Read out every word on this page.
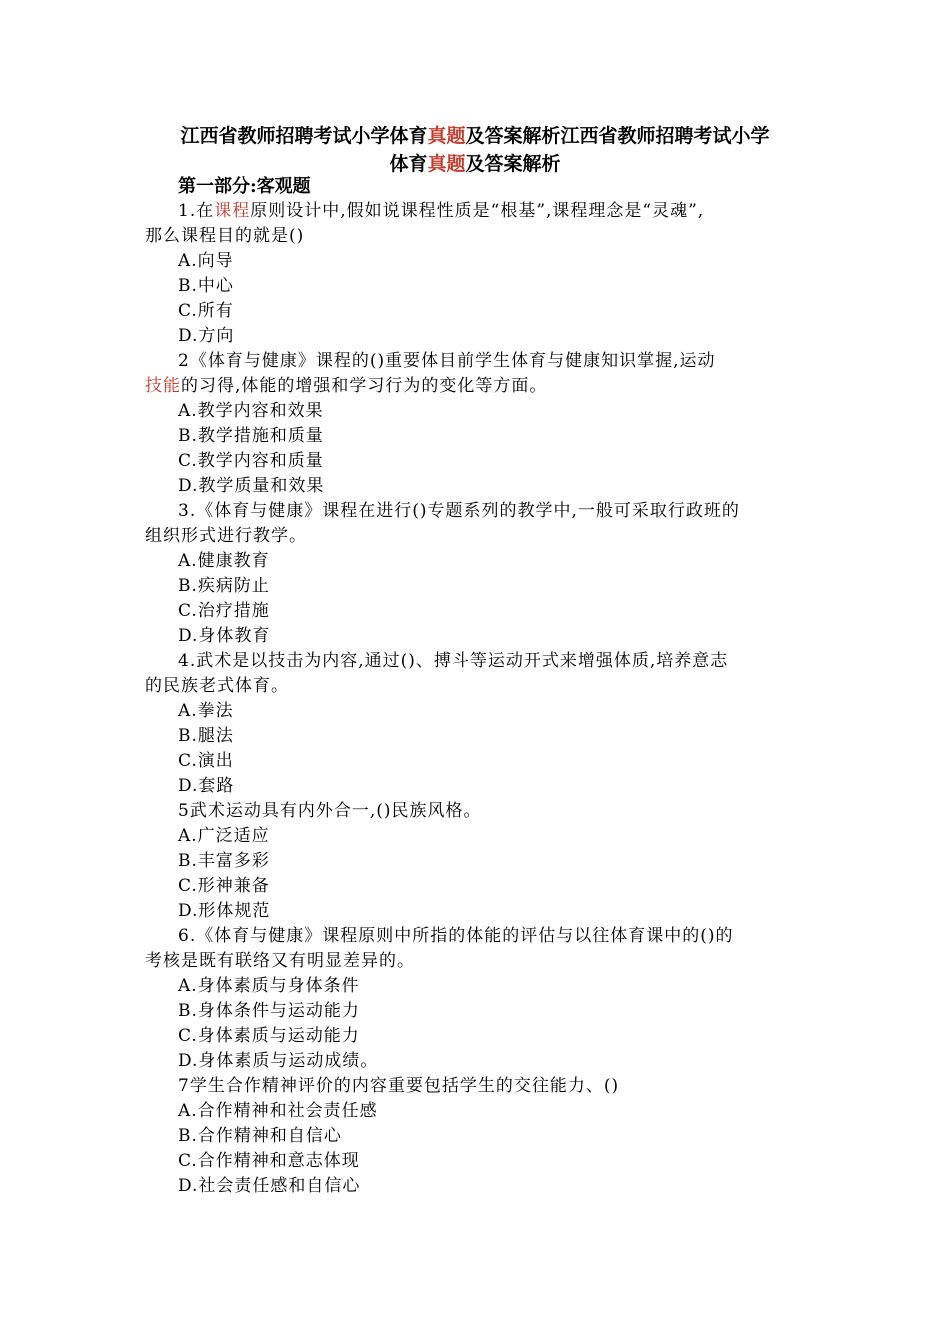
江西省教师招聘考试小学体育真题及答案解析江西省教师招聘考试小学
体育真题及答案解析
第一部分:客观题
1.在课程原则设计中,假如说课程性质是“根基”,课程理念是“灵魂”,
那么课程目的就是()
A.向导
B.中心
C.所有
D.方向
2《体育与健康》课程的()重要体目前学生体育与健康知识掌握,运动
技能的习得,体能的增强和学习行为的变化等方面。
A.教学内容和效果
B.教学措施和质量
C.教学内容和质量
D.教学质量和效果
3.《体育与健康》课程在进行()专题系列的教学中,一般可采取行政班的
组织形式进行教学。
A.健康教育
B.疾病防止
C.治疗措施
D.身体教育
4.武术是以技击为内容,通过()、搏斗等运动开式来增强体质,培养意志
的民族老式体育。
A.拳法
B.腿法
C.演出
D.套路
5武术运动具有内外合一,()民族风格。
A.广泛适应
B.丰富多彩
C.形神兼备
D.形体规范
6.《体育与健康》课程原则中所指的体能的评估与以往体育课中的()的
考核是既有联络又有明显差异的。
A.身体素质与身体条件
B.身体条件与运动能力
C.身体素质与运动能力
D.身体素质与运动成绩。
7学生合作精神评价的内容重要包括学生的交往能力、()
A.合作精神和社会责任感
B.合作精神和自信心
C.合作精神和意志体现
D.社会责任感和自信心
